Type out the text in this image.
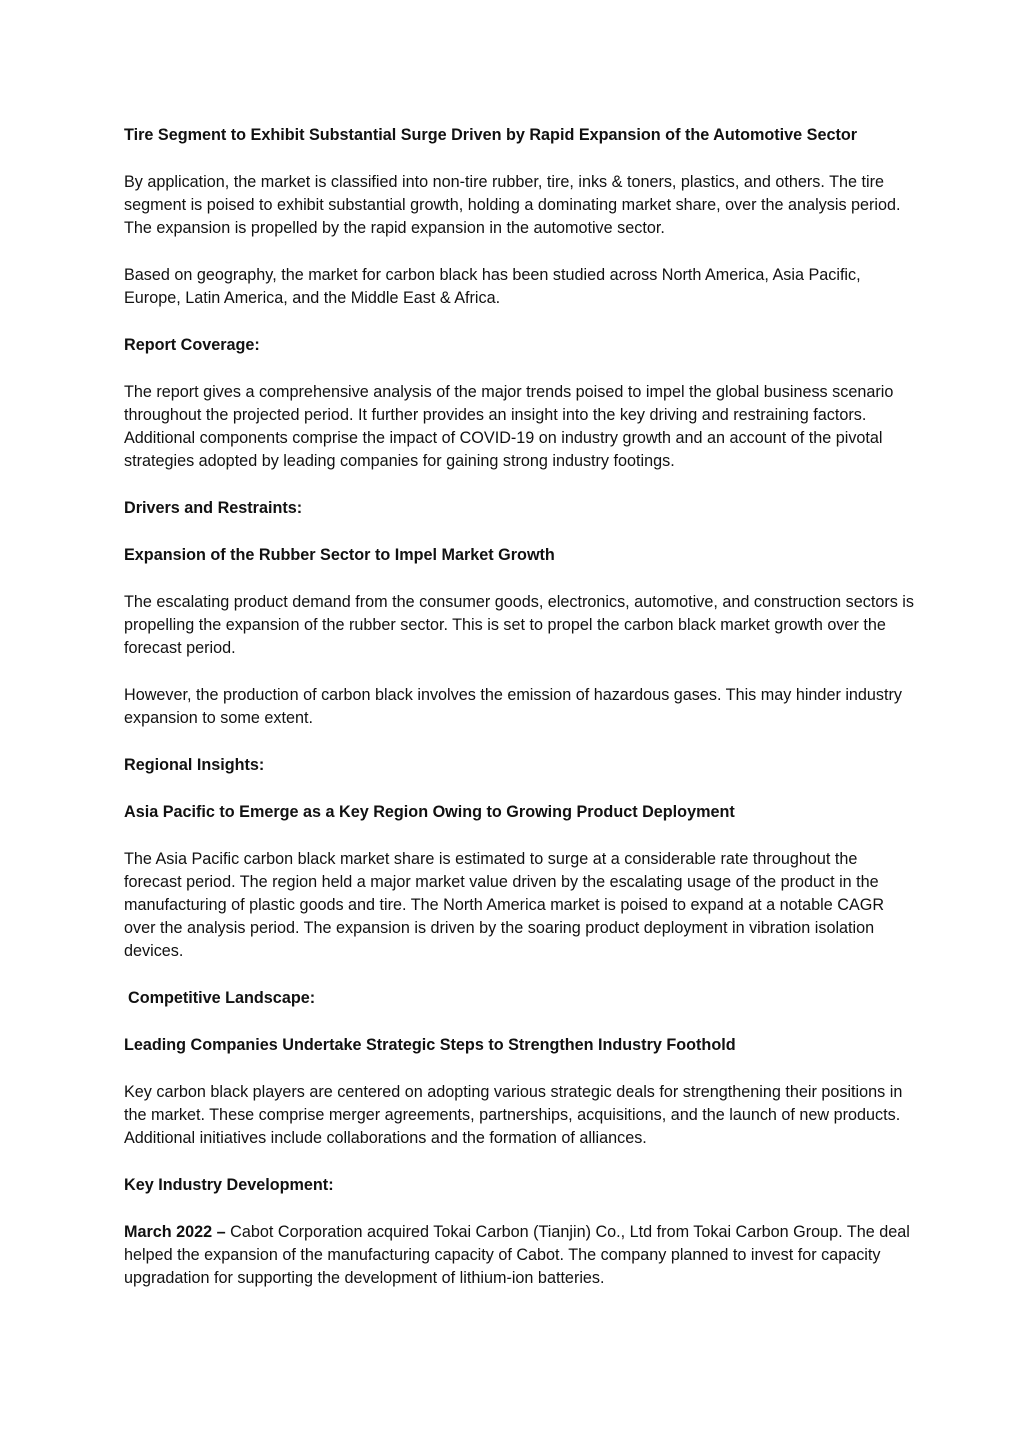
Tire Segment to Exhibit Substantial Surge Driven by Rapid Expansion of the Automotive Sector

By application, the market is classified into non-tire rubber, tire, inks & toners, plastics, and others. The tire segment is poised to exhibit substantial growth, holding a dominating market share, over the analysis period. The expansion is propelled by the rapid expansion in the automotive sector.

Based on geography, the market for carbon black has been studied across North America, Asia Pacific, Europe, Latin America, and the Middle East & Africa.

Report Coverage:

The report gives a comprehensive analysis of the major trends poised to impel the global business scenario throughout the projected period. It further provides an insight into the key driving and restraining factors. Additional components comprise the impact of COVID-19 on industry growth and an account of the pivotal strategies adopted by leading companies for gaining strong industry footings.

Drivers and Restraints:

Expansion of the Rubber Sector to Impel Market Growth

The escalating product demand from the consumer goods, electronics, automotive, and construction sectors is propelling the expansion of the rubber sector. This is set to propel the carbon black market growth over the forecast period.

However, the production of carbon black involves the emission of hazardous gases. This may hinder industry expansion to some extent.

Regional Insights:

Asia Pacific to Emerge as a Key Region Owing to Growing Product Deployment

The Asia Pacific carbon black market share is estimated to surge at a considerable rate throughout the forecast period. The region held a major market value driven by the escalating usage of the product in the manufacturing of plastic goods and tire. The North America market is poised to expand at a notable CAGR over the analysis period. The expansion is driven by the soaring product deployment in vibration isolation devices.

Competitive Landscape:

Leading Companies Undertake Strategic Steps to Strengthen Industry Foothold

Key carbon black players are centered on adopting various strategic deals for strengthening their positions in the market. These comprise merger agreements, partnerships, acquisitions, and the launch of new products. Additional initiatives include collaborations and the formation of alliances.

Key Industry Development:

March 2022 – Cabot Corporation acquired Tokai Carbon (Tianjin) Co., Ltd from Tokai Carbon Group. The deal helped the expansion of the manufacturing capacity of Cabot. The company planned to invest for capacity upgradation for supporting the development of lithium-ion batteries.
